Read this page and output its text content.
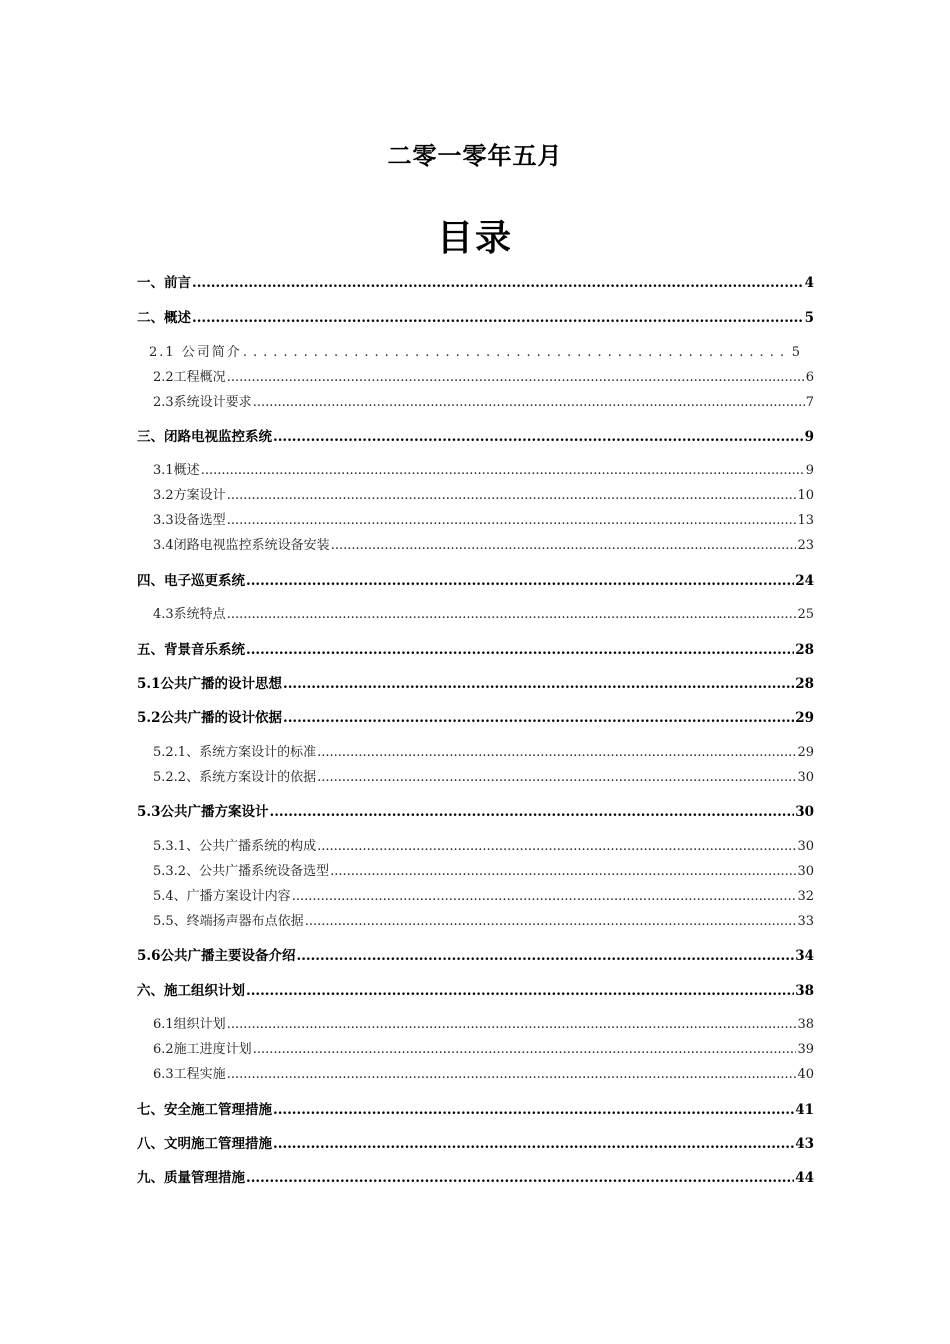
二零一零年五月
目录
一、前言 .....	4
二、概述 .....	5
2.1 公司简介 .....	5
2.2工程概况 .....	6
2.3系统设计要求 .....	7
三、闭路电视监控系统 .....	9
3.1概述 .....	9
3.2方案设计 .....	10
3.3设备选型 .....	13
3.4闭路电视监控系统设备安装 .....	23
四、电子巡更系统 .....	24
4.3系统特点 .....	25
五、背景音乐系统 .....	28
5.1公共广播的设计思想 .....	28
5.2公共广播的设计依据 .....	29
5.2.1、系统方案设计的标准 .....	29
5.2.2、系统方案设计的依据 .....	30
5.3公共广播方案设计 .....	30
5.3.1、公共广播系统的构成 .....	30
5.3.2、公共广播系统设备选型 .....	30
5.4、广播方案设计内容 .....	32
5.5、终端扬声器布点依据 .....	33
5.6公共广播主要设备介绍 .....	34
六、施工组织计划 .....	38
6.1组织计划 .....	38
6.2施工进度计划 .....	39
6.3工程实施 .....	40
七、安全施工管理措施 .....	41
八、文明施工管理措施 .....	43
九、质量管理措施 .....	44
